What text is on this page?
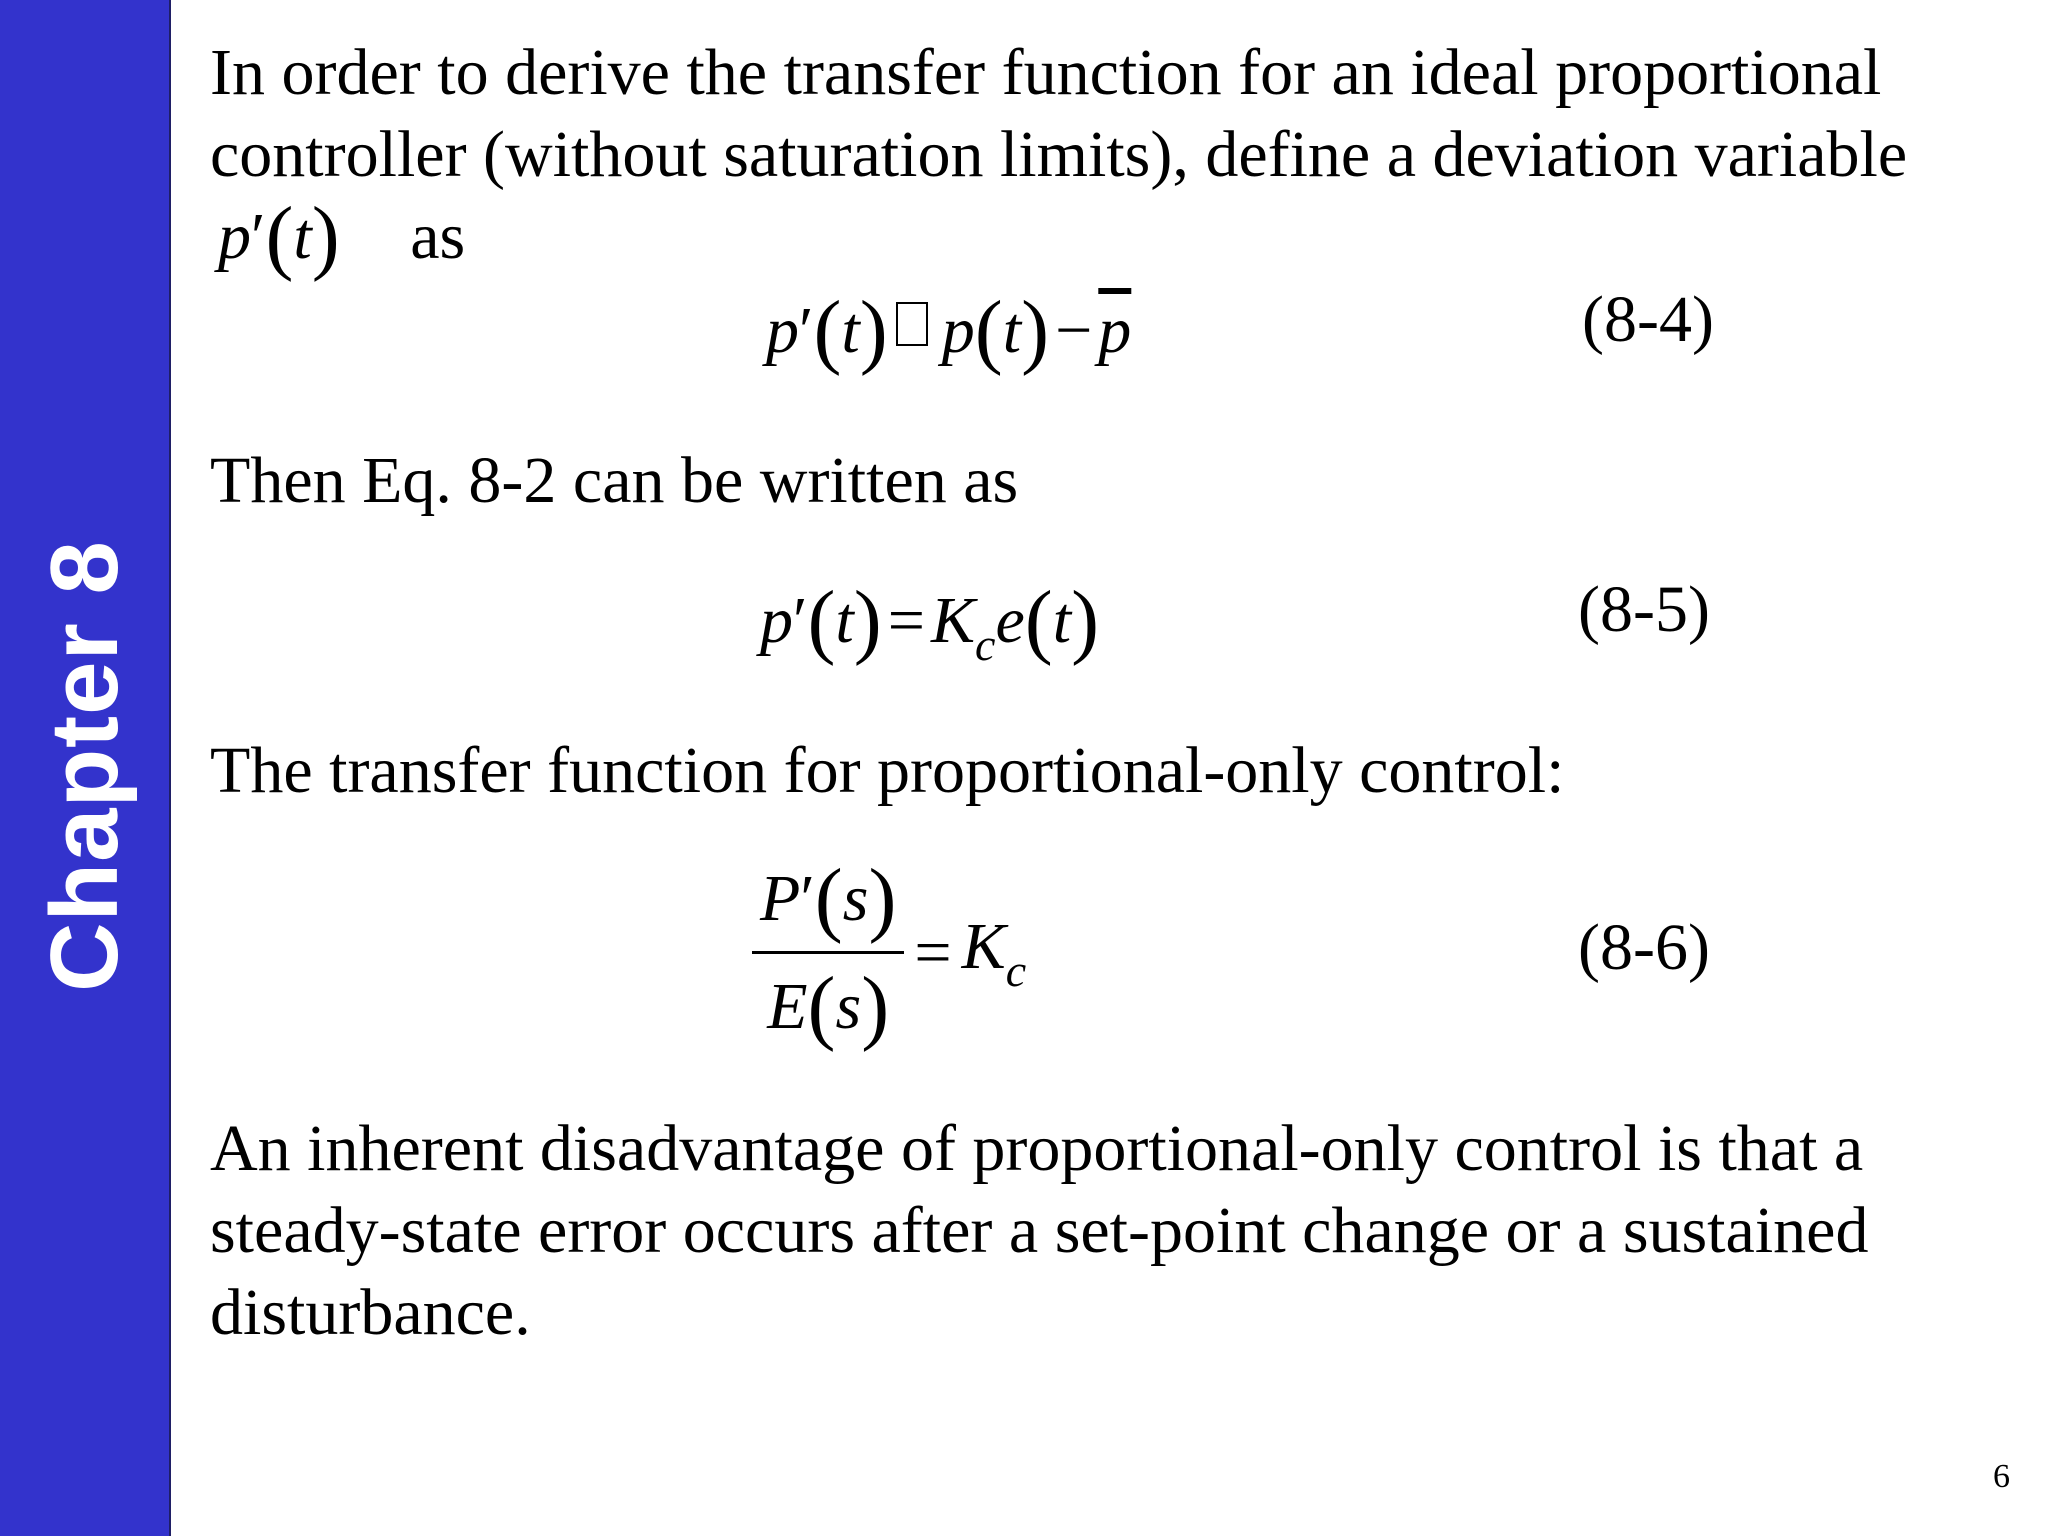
Chapter 8
In order to derive the transfer function for an ideal proportional
controller (without saturation limits), define a deviation variable
p′(t) as
p′(t) $p(t)-\overline{p}$	(8-4)
Then Eq. 8-2 can be written as
$p'(t)=K_ce(t)$	(8-5)
The transfer function for proportional-only control:
$\frac{P'(s)}{E(s)} = K_c$	(8-6)
An inherent disadvantage of proportional-only control is that a
steady-state error occurs after a set-point change or a sustained
disturbance.
6
